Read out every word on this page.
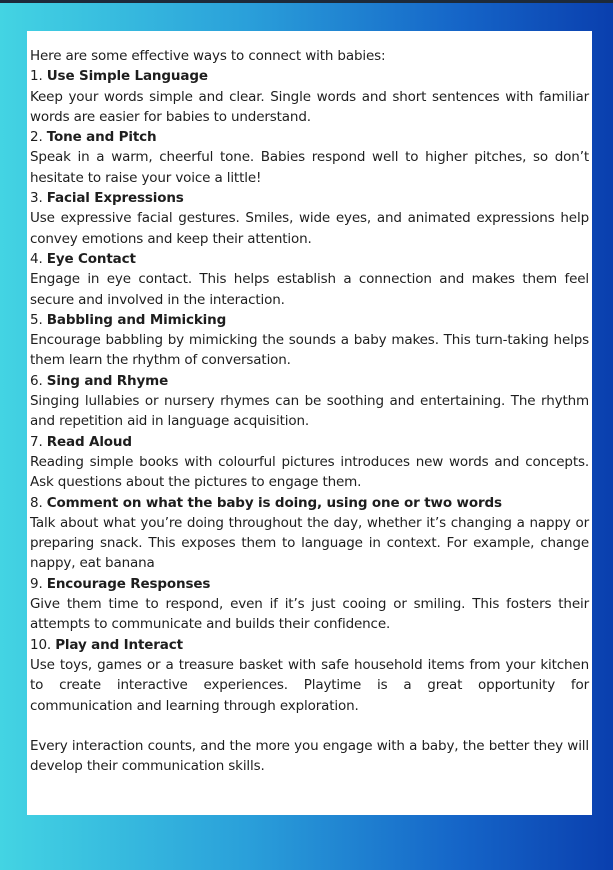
Here are some effective ways to connect with babies:

1. Use Simple Language

Keep your words simple and clear. Single words and short sentences with familiar words are easier for babies to understand.

2. Tone and Pitch

Speak in a warm, cheerful tone. Babies respond well to higher pitches, so don’t hesitate to raise your voice a little!

3. Facial Expressions

Use expressive facial gestures. Smiles, wide eyes, and animated expressions help convey emotions and keep their attention.

4. Eye Contact

Engage in eye contact. This helps establish a connection and makes them feel secure and involved in the interaction.

5. Babbling and Mimicking

Encourage babbling by mimicking the sounds a baby makes. This turn-taking helps them learn the rhythm of conversation.

6. Sing and Rhyme

Singing lullabies or nursery rhymes can be soothing and entertaining. The rhythm and repetition aid in language acquisition.

7. Read Aloud

Reading simple books with colourful pictures introduces new words and concepts. Ask questions about the pictures to engage them.

8. Comment on what the baby is doing, using one or two words

Talk about what you’re doing throughout the day, whether it’s changing a nappy or preparing snack. This exposes them to language in context. For example, change nappy, eat banana

9. Encourage Responses

Give them time to respond, even if it’s just cooing or smiling. This fosters their attempts to communicate and builds their confidence.

10. Play and Interact

Use toys, games or a treasure basket with safe household items from your kitchen to create interactive experiences. Playtime is a great opportunity for communication and learning through exploration.

Every interaction counts, and the more you engage with a baby, the better they will develop their communication skills.
